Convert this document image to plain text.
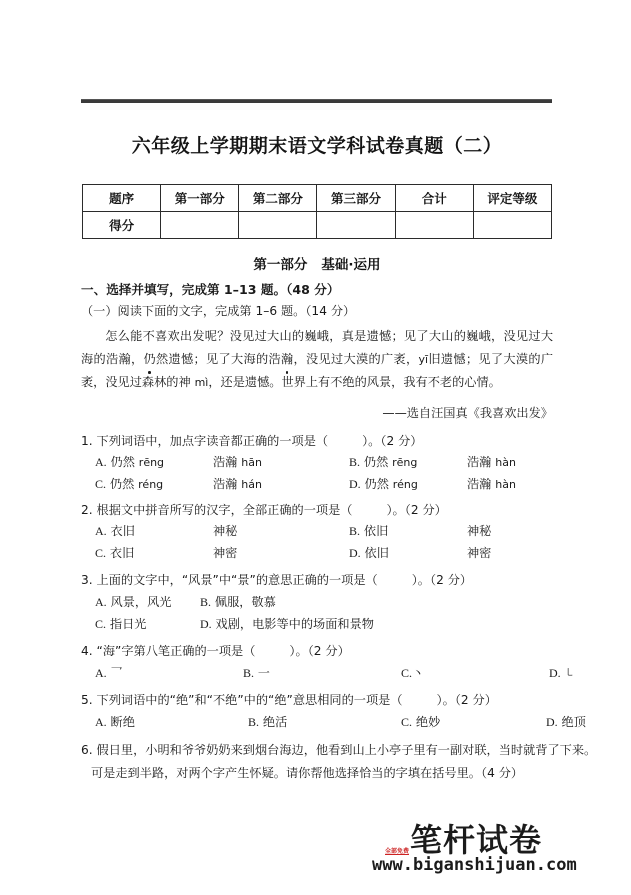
六年级上学期期末语文学科试卷真题（二）
题序	第一部分	第二部分	第三部分	合计	评定等级
得分					
第一部分 基础·运用
一、选择并填写，完成第 1–13 题。（48 分）
（一）阅读下面的文字，完成第 1–6 题。（14 分）
怎么能不喜欢出发呢？没见过大山的巍峨，真是遗憾；见了大山的巍峨，没见过大海的浩瀚，仍然遗憾；见了大海的浩瀚，没见过大漠的广袤，yī旧遗憾；见了大漠的广袤，没见过森林的神 mì，还是遗憾。世界上有不绝的风景，我有不老的心情。
——选自汪国真《我喜欢出发》
1. 下列词语中，加点字读音都正确的一项是（	）。（2 分）
A. 仍然 rēng	浩瀚 hān	B. 仍然 rēng	浩瀚 hàn
C. 仍然 réng	浩瀚 hán	D. 仍然 réng	浩瀚 hàn
2. 根据文中拼音所写的汉字，全部正确的一项是（	）。（2 分）
A. 衣旧	神秘	B. 依旧	神秘
C. 衣旧	神密	D. 依旧	神密
3. 上面的文字中，“风景”中“景”的意思正确的一项是（	）。（2 分）
A. 风景，风光	B. 佩服，敬慕
C. 指日光	D. 戏剧，电影等中的场面和景物
4. “海”字第八笔正确的一项是（	）。（2 分）
A. 乛	B. 一	C.丶	D. ㇄
5. 下列词语中的“绝”和“不绝”中的“绝”意思相同的一项是（	）。（2 分）
A. 断绝	B. 绝活	C. 绝妙	D. 绝顶
6. 假日里，小明和爷爷奶奶来到烟台海边，他看到山上小亭子里有一副对联，当时就背了下来。
可是走到半路，对两个字产生怀疑。请你帮他选择恰当的字填在括号里。（4 分）
笔杆试卷
全部免费
www.biganshijuan.com
